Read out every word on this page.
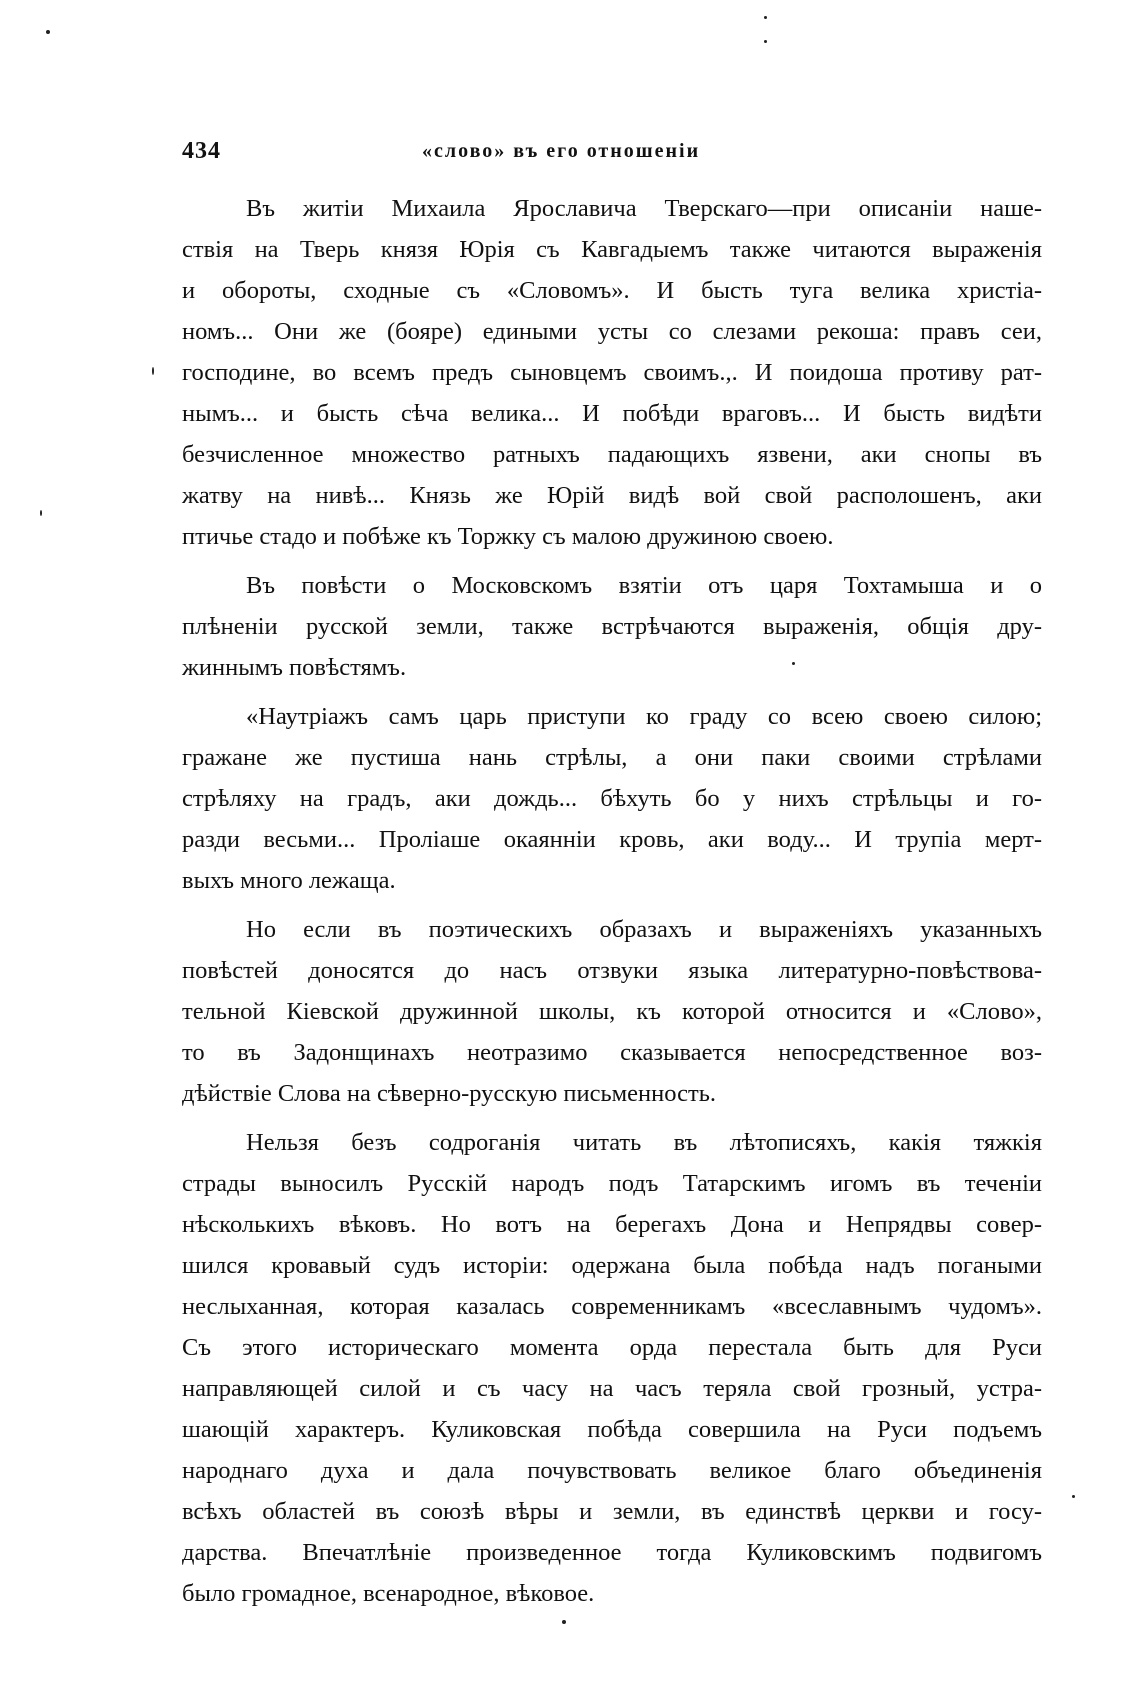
434	«слово» въ его отношенiи

Въ житiи Михаила Ярославича Тверскаго—при описанiи наше-
ствiя на Тверь князя Юрiя съ Кавгадыемъ также читаются выраженiя
и обороты, сходные съ «Словомъ». И бысть туга велика христiа-
номъ... Они же (бояре) едиными усты со слезами рекоша: правъ сеи,
господине, во всемъ предъ сыновцемъ своимъ.,. И поидоша противу рат-
нымъ... и бысть сѣча велика... И побѣди враговъ... И бысть видѣти
безчисленное множество ратныхъ падающихъ язвени, аки снопы въ
жатву на нивѣ... Князь же Юрiй видѣ вой свой располошенъ, аки
птичье стадо и побѣже къ Торжку съ малою дружиною своею.

Въ повѣсти о Московскомъ взятiи отъ царя Тохтамыша и о
плѣненiи русской земли, также встрѣчаются выраженiя, общiя дру-
жиннымъ повѣстямъ.

«Наутрiажъ самъ царь приступи ко граду со всею своею силою;
гражане же пустиша нань стрѣлы, а они паки своими стрѣлами
стрѣляху на градъ, аки дождь... бѣхуть бо у нихъ стрѣльцы и го-
разди весьми... Пролiаше окаяннiи кровь, аки воду... И трупiа мерт-
выхъ много лежаща.

Но если въ поэтическихъ образахъ и выраженiяхъ указанныхъ
повѣстей доносятся до насъ отзвуки языка литературно-повѣствова-
тельной Кiевской дружинной школы, къ которой относится и «Слово»,
то въ Задонщинахъ неотразимо сказывается непосредственное воз-
дѣйствiе Слова на сѣверно-русскую письменность.

Нельзя безъ содроганiя читать въ лѣтописяхъ, какiя тяжкiя
страды выносилъ Русскiй народъ подъ Татарскимъ игомъ въ теченiи
нѣсколькихъ вѣковъ. Но вотъ на берегахъ Дона и Непрядвы совер-
шился кровавый судъ исторiи: одержана была побѣда надъ погаными
неслыханная, которая казалась современникамъ «всеславнымъ чудомъ».
Съ этого историческаго момента орда перестала быть для Руси
направляющей силой и съ часу на часъ теряла свой грозный, устра-
шающiй характеръ. Куликовская побѣда совершила на Руси подъемъ
народнаго духа и дала почувствовать великое благо объединенiя
всѣхъ областей въ союзѣ вѣры и земли, въ единствѣ церкви и госу-
дарства. Впечатлѣнiе произведенное тогда Куликовскимъ подвигомъ
было громадное, всенародное, вѣковое.
